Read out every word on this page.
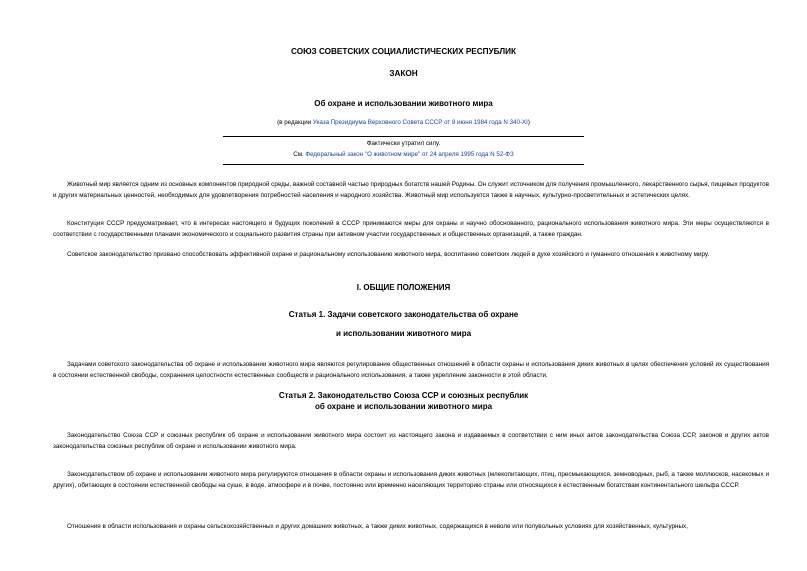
СОЮЗ СОВЕТСКИХ СОЦИАЛИСТИЧЕСКИХ РЕСПУБЛИК
ЗАКОН
Об охране и использовании животного мира
(в редакции Указа Президиума Верховного Совета СССР от 8 июня 1984 года N 340-XI)
Фактически утратил силу.
См. Федеральный закон "О животном мире" от 24 апреля 1995 года N 52-ФЗ

Животный мир является одним из основных компонентов природной среды, важной составной частью природных богатств нашей Родины. Он служит источником для получения промышленного, лекарственного сырья, пищевых продуктов и других материальных ценностей, необходимых для удовлетворения потребностей населения и народного хозяйства. Животный мир используется также в научных, культурно-просветительных и эстетических целях.

Конституция СССР предусматривает, что в интересах настоящего и будущих поколений в СССР принимаются меры для охраны и научно обоснованного, рационального использования животного мира. Эти меры осуществляются в соответствии с государственными планами экономического и социального развития страны при активном участии государственных и общественных организаций, а также граждан.

Советское законодательство призвано способствовать эффективной охране и рациональному использованию животного мира, воспитанию советских людей в духе хозяйского и гуманного отношения к животному миру.

I. ОБЩИЕ ПОЛОЖЕНИЯ
Статья 1. Задачи советского законодательства об охране
и использовании животного мира

Задачами советского законодательства об охране и использовании животного мира являются регулирование общественных отношений в области охраны и использования диких животных в целях обеспечения условий их существования в состоянии естественной свободы, сохранения целостности естественных сообществ и рационального использования, а также укрепление законности в этой области.

Статья 2. Законодательство Союза ССР и союзных республик
об охране и использовании животного мира

Законодательство Союза ССР и союзных республик об охране и использовании животного мира состоит из настоящего закона и издаваемых в соответствии с ним иных актов законодательства Союза ССР, законов и других актов законодательства союзных республик об охране и использовании животного мира.

Законодательством об охране и использовании животного мира регулируются отношения в области охраны и использования диких животных (млекопитающих, птиц, пресмыкающихся, земноводных, рыб, а также моллюсков, насекомых и других), обитающих в состоянии естественной свободы на суше, в воде, атмосфере и в почве, постоянно или временно населяющих территорию страны или относящихся к естественным богатствам континентального шельфа СССР.

Отношения в области использования и охраны сельскохозяйственных и других домашних животных, а также диких животных, содержащихся в неволе или полувольных условиях для хозяйственных, культурных,
